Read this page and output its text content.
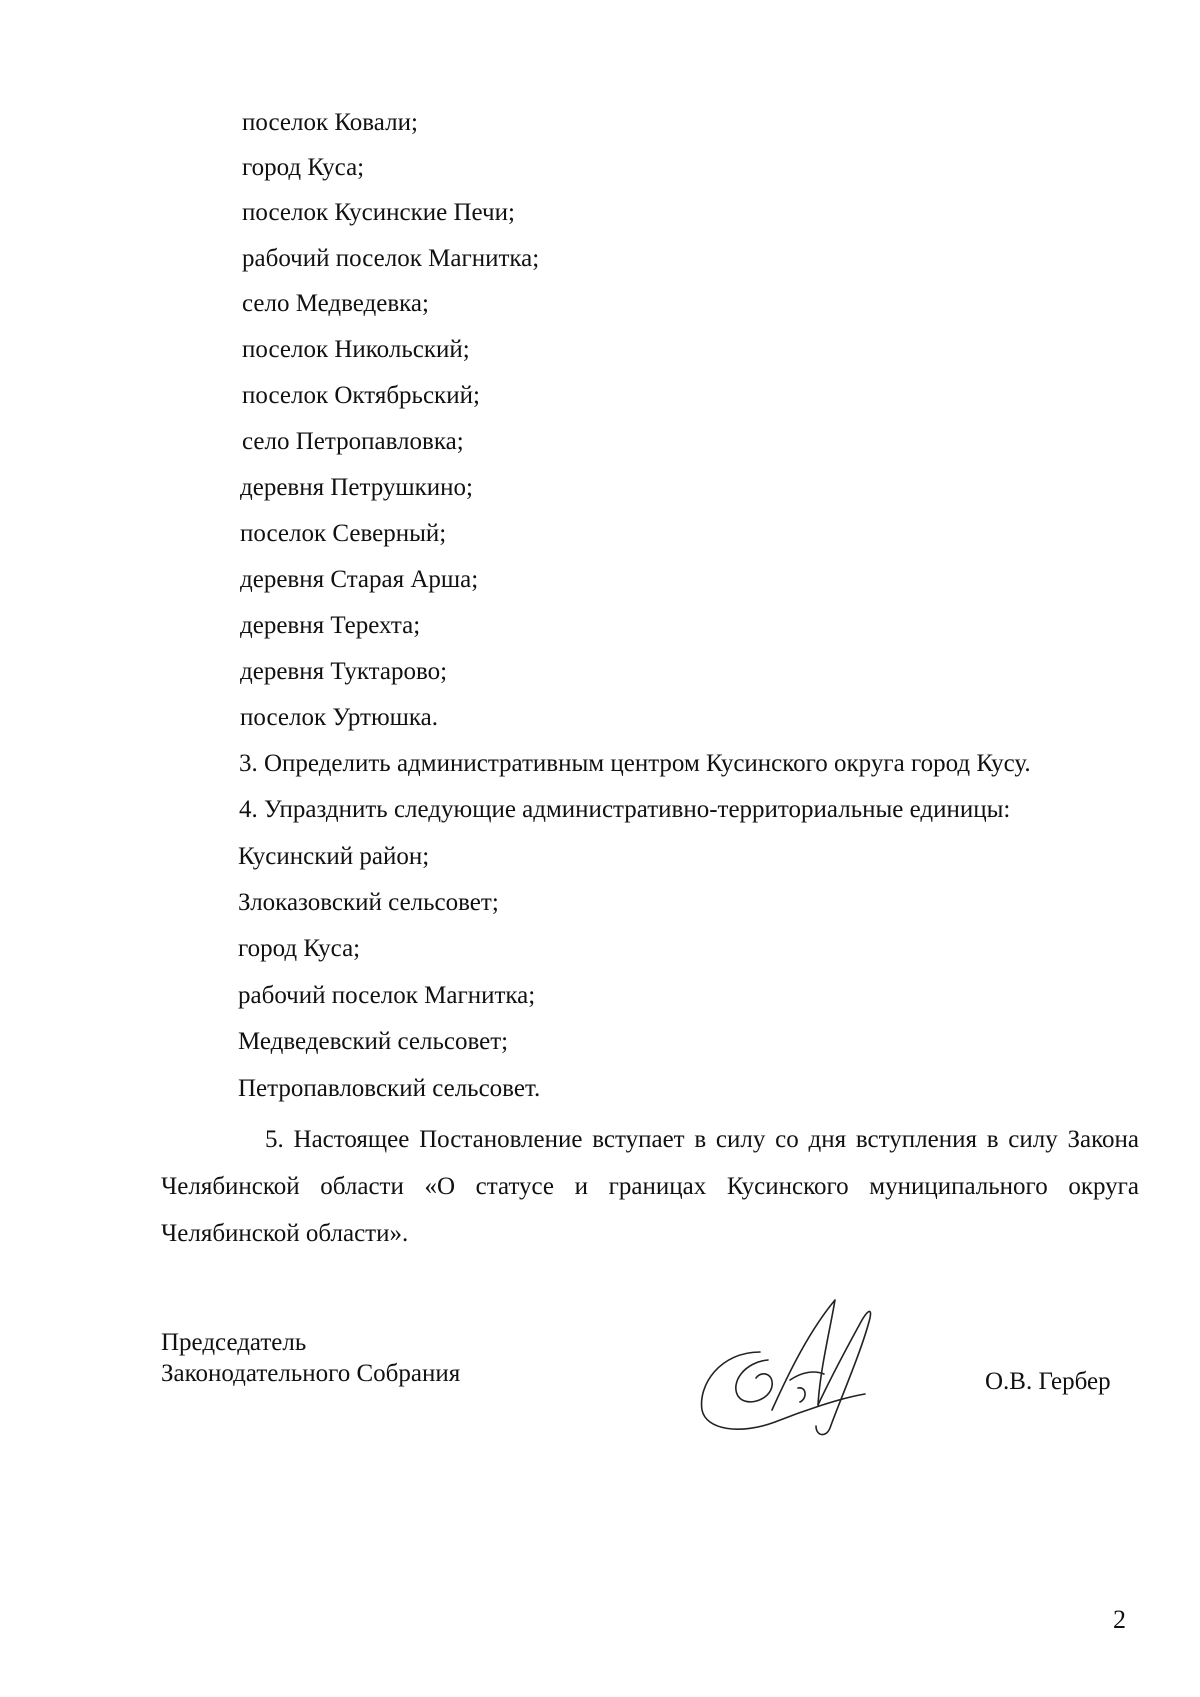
поселок Ковали;
город Куса;
поселок Кусинские Печи;
рабочий поселок Магнитка;
село Медведевка;
поселок Никольский;
поселок Октябрьский;
село Петропавловка;
деревня Петрушкино;
поселок Северный;
деревня Старая Арша;
деревня Терехта;
деревня Туктарово;
поселок Уртюшка.
3. Определить административным центром Кусинского округа город Кусу.
4. Упразднить следующие административно-территориальные единицы:
Кусинский район;
Злоказовский сельсовет;
город Куса;
рабочий поселок Магнитка;
Медведевский сельсовет;
Петропавловский сельсовет.
5. Настоящее Постановление вступает в силу со дня вступления в силу Закона Челябинской области «О статусе и границах Кусинского муниципального округа Челябинской области».
Председатель
Законодательного Собрания	О.В. Гербер
2
